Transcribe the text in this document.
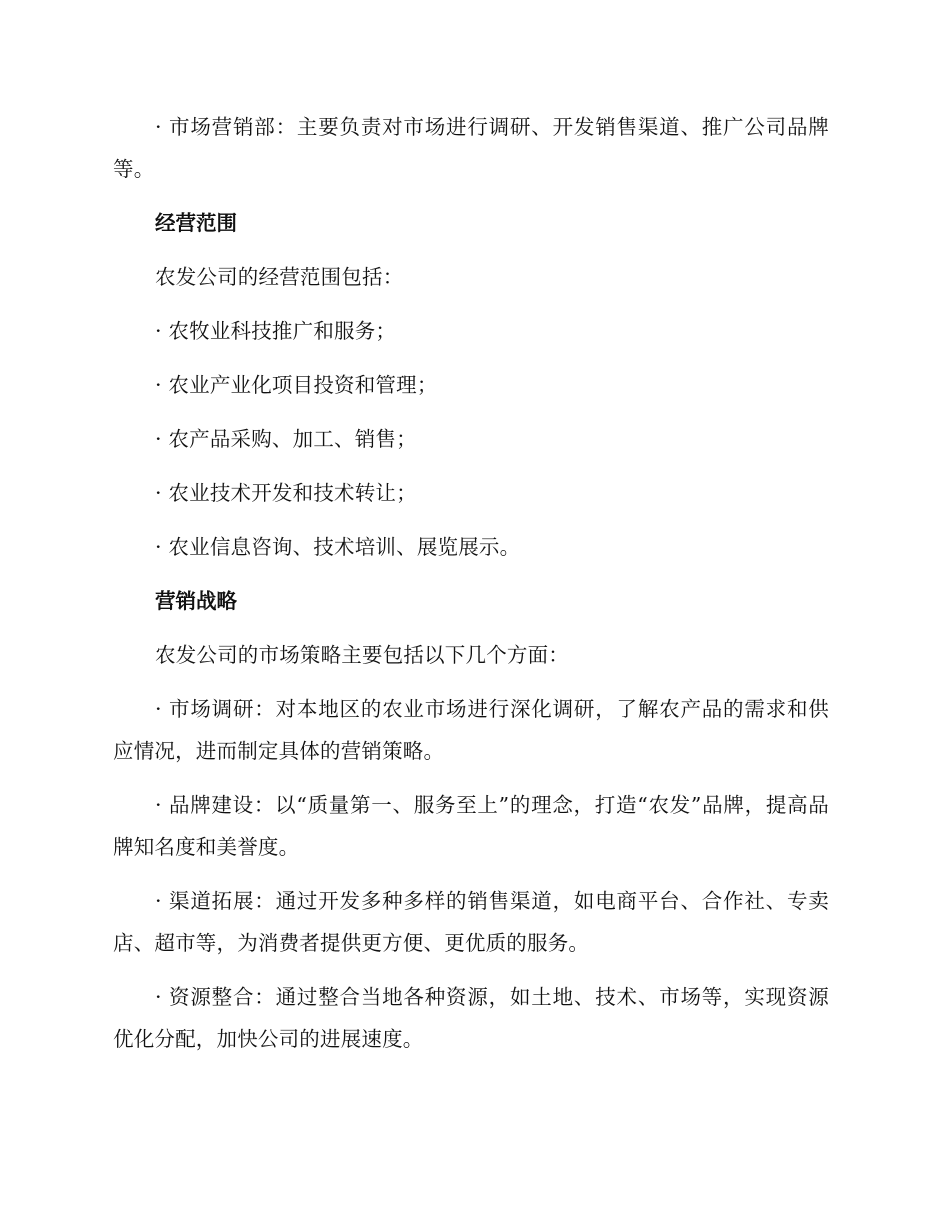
· 市场营销部：主要负责对市场进行调研、开发销售渠道、推广公司品牌等。

经营范围

农发公司的经营范围包括：

· 农牧业科技推广和服务；

· 农业产业化项目投资和管理；

· 农产品采购、加工、销售；

· 农业技术开发和技术转让；

· 农业信息咨询、技术培训、展览展示。

营销战略

农发公司的市场策略主要包括以下几个方面：

· 市场调研：对本地区的农业市场进行深化调研，了解农产品的需求和供应情况，进而制定具体的营销策略。

· 品牌建设：以“质量第一、服务至上”的理念，打造“农发”品牌，提高品牌知名度和美誉度。

· 渠道拓展：通过开发多种多样的销售渠道，如电商平台、合作社、专卖店、超市等，为消费者提供更方便、更优质的服务。

· 资源整合：通过整合当地各种资源，如土地、技术、市场等，实现资源优化分配，加快公司的进展速度。
